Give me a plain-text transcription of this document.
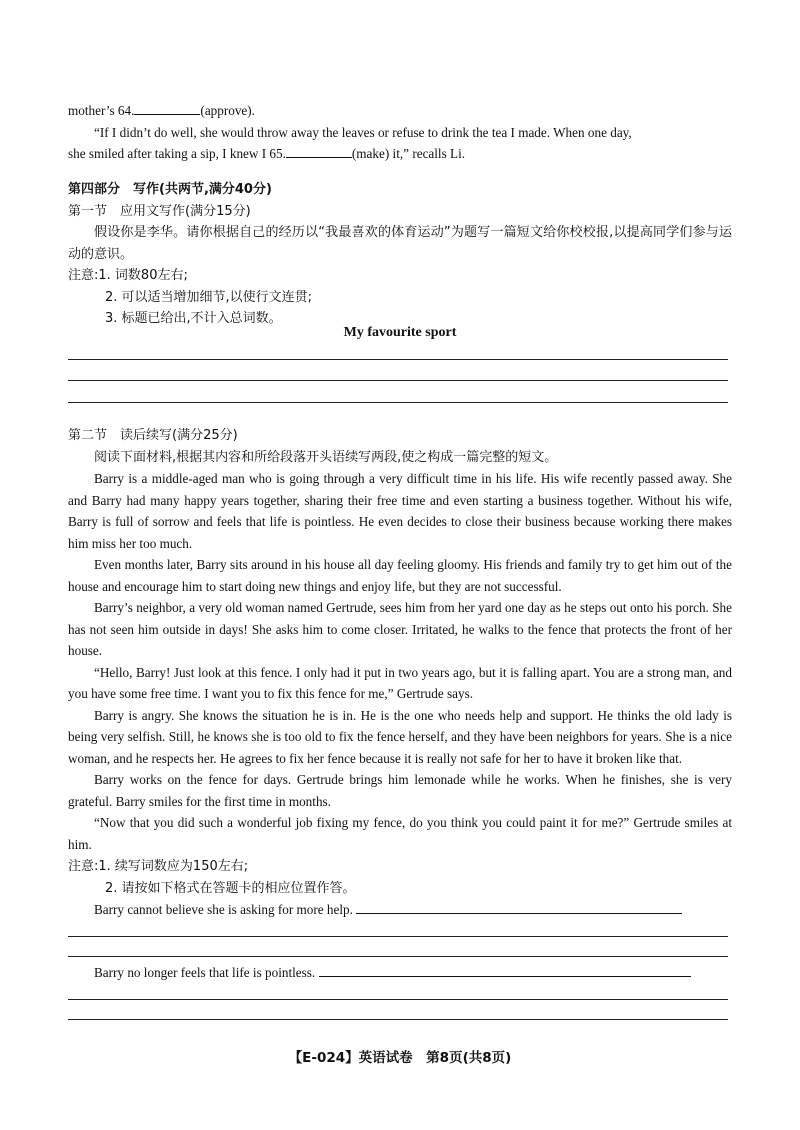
mother’s 64.	(approve).

“If I didn’t do well, she would throw away the leaves or refuse to drink the tea I made. When one day,

she smiled after taking a sip, I knew I 65.	(make) it,” recalls Li.

第四部分　写作(共两节,满分40分)

第一节　应用文写作(满分15分)

假设你是李华。请你根据自己的经历以“我最喜欢的体育运动”为题写一篇短文给你校校报,以提高同学们参与运动的意识。

注意:1. 词数80左右;

2. 可以适当增加细节,以使行文连贯;

3. 标题已给出,不计入总词数。

My favourite sport

第二节　读后续写(满分25分)

阅读下面材料,根据其内容和所给段落开头语续写两段,使之构成一篇完整的短文。

Barry is a middle-aged man who is going through a very difficult time in his life. His wife recently passed away. She and Barry had many happy years together, sharing their free time and even starting a business together. Without his wife, Barry is full of sorrow and feels that life is pointless. He even decides to close their business because working there makes him miss her too much.

Even months later, Barry sits around in his house all day feeling gloomy. His friends and family try to get him out of the house and encourage him to start doing new things and enjoy life, but they are not successful.

Barry’s neighbor, a very old woman named Gertrude, sees him from her yard one day as he steps out onto his porch. She has not seen him outside in days! She asks him to come closer. Irritated, he walks to the fence that protects the front of her house.

“Hello, Barry! Just look at this fence. I only had it put in two years ago, but it is falling apart. You are a strong man, and you have some free time. I want you to fix this fence for me,” Gertrude says.

Barry is angry. She knows the situation he is in. He is the one who needs help and support. He thinks the old lady is being very selfish. Still, he knows she is too old to fix the fence herself, and they have been neighbors for years. She is a nice woman, and he respects her. He agrees to fix her fence because it is really not safe for her to have it broken like that.

Barry works on the fence for days. Gertrude brings him lemonade while he works. When he finishes, she is very grateful. Barry smiles for the first time in months.

“Now that you did such a wonderful job fixing my fence, do you think you could paint it for me?” Gertrude smiles at him.

注意:1. 续写词数应为150左右;

2. 请按如下格式在答题卡的相应位置作答。

Barry cannot believe she is asking for more help.

Barry no longer feels that life is pointless.

【E-024】英语试卷　第8页(共8页)
